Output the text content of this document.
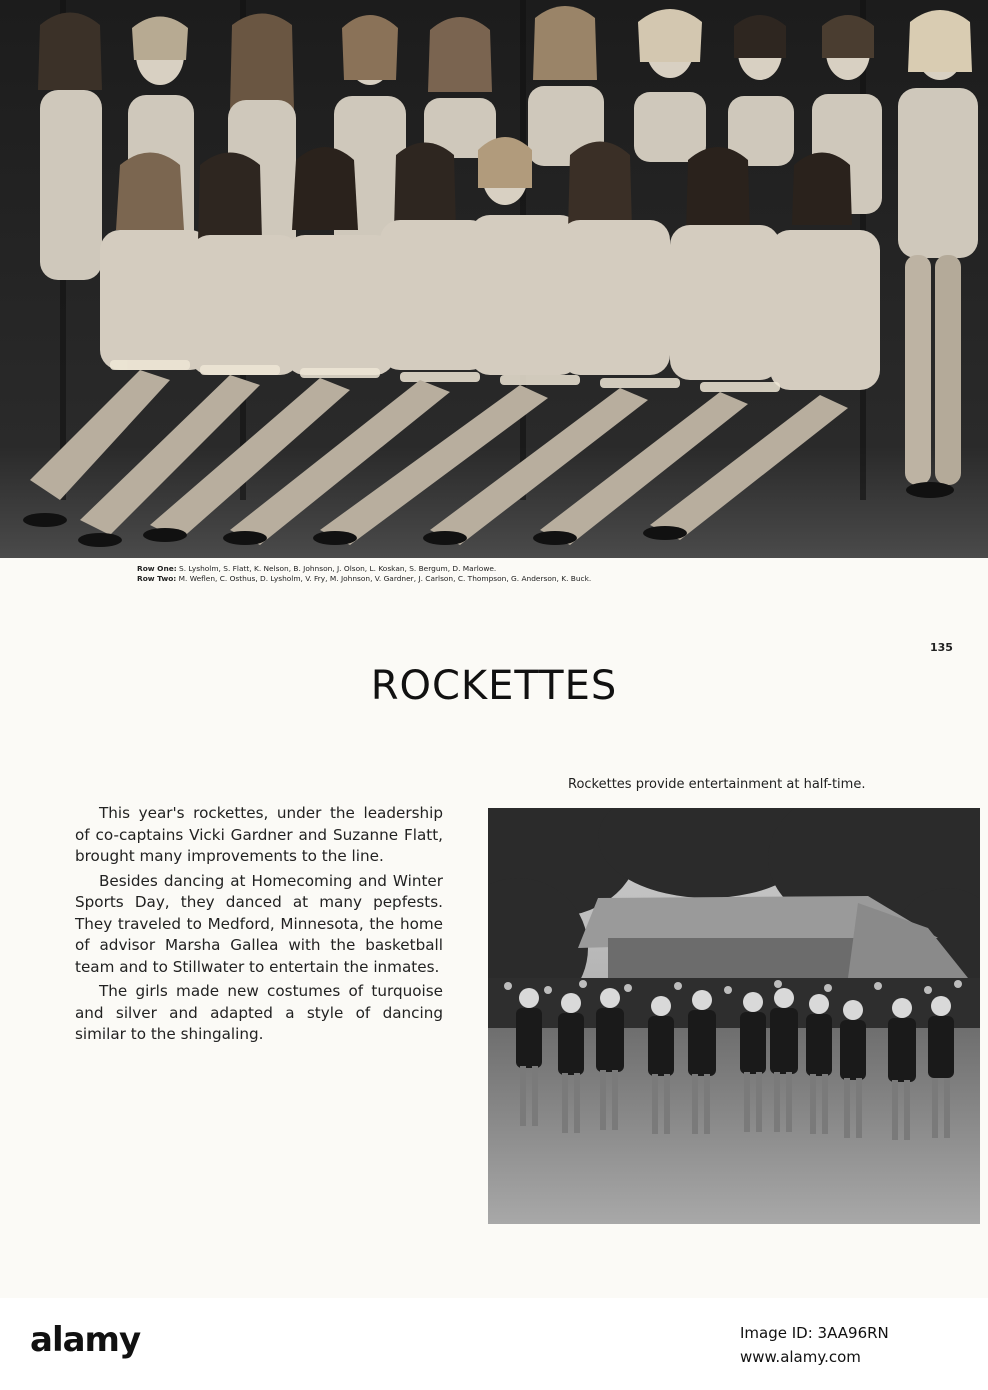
Row One: S. Lysholm, S. Flatt, K. Nelson, B. Johnson, J. Olson, L. Koskan, S. Bergum, D. Marlowe.
Row Two: M. Weflen, C. Osthus, D. Lysholm, V. Fry, M. Johnson, V. Gardner, J. Carlson, C. Thompson, G. Anderson, K. Buck.
135
ROCKETTES
Rockettes provide entertainment at half-time.

This year's rockettes, under the leadership of co-captains Vicki Gardner and Suzanne Flatt, brought many improvements to the line.

Besides dancing at Homecoming and Winter Sports Day, they danced at many pepfests. They traveled to Medford, Minnesota, the home of advisor Marsha Gallea with the basketball team and to Stillwater to entertain the inmates.

The girls made new costumes of turquoise and silver and adapted a style of dancing similar to the shingaling.

alamy	Image ID: 3AA96RN
www.alamy.com
